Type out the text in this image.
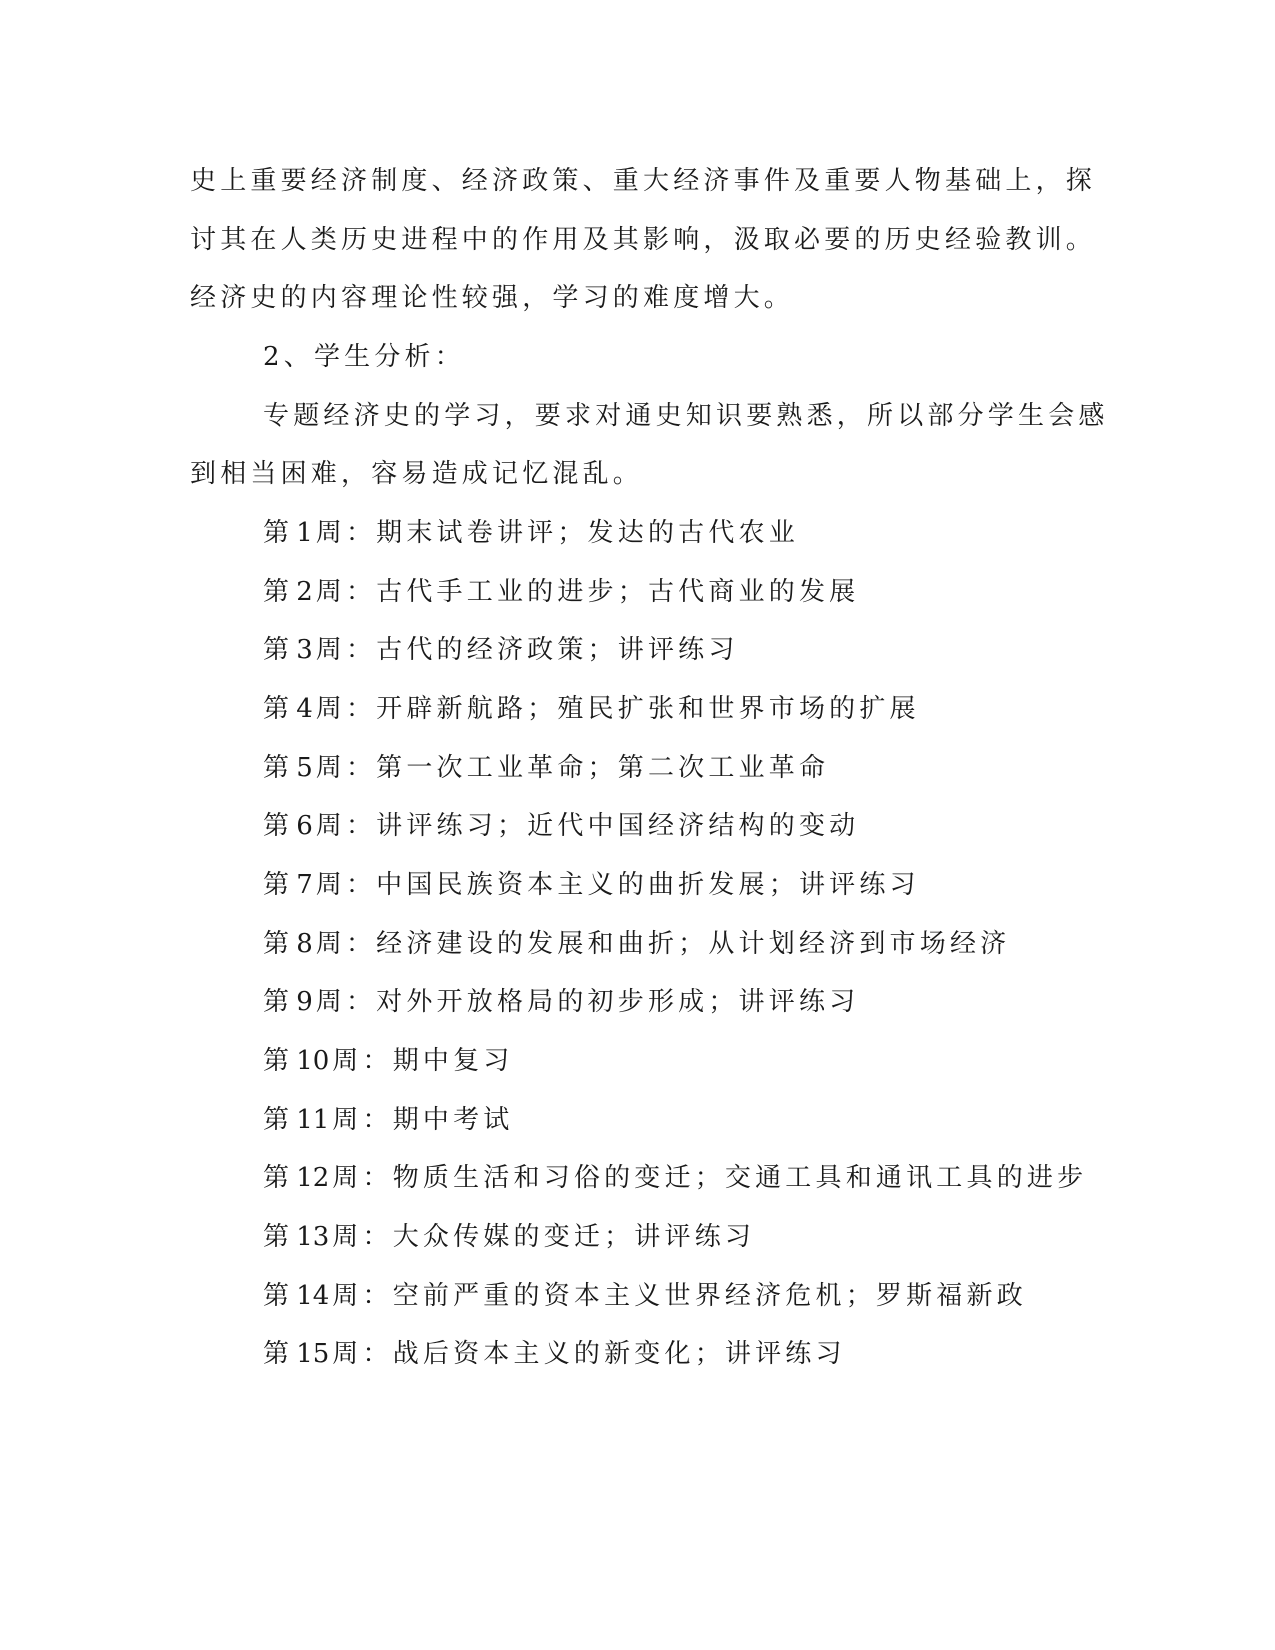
史上重要经济制度、经济政策、重大经济事件及重要人物基础上，探
讨其在人类历史进程中的作用及其影响，汲取必要的历史经验教训。
经济史的内容理论性较强，学习的难度增大。
2、学生分析：
专题经济史的学习，要求对通史知识要熟悉，所以部分学生会感
到相当困难，容易造成记忆混乱。
第 1 周：期末试卷讲评；发达的古代农业
第 2 周：古代手工业的进步；古代商业的发展
第 3 周：古代的经济政策；讲评练习
第 4 周：开辟新航路；殖民扩张和世界市场的扩展
第 5 周：第一次工业革命；第二次工业革命
第 6 周：讲评练习；近代中国经济结构的变动
第 7 周：中国民族资本主义的曲折发展；讲评练习
第 8 周：经济建设的发展和曲折；从计划经济到市场经济
第 9 周：对外开放格局的初步形成；讲评练习
第 10 周：期中复习
第 11 周：期中考试
第 12 周：物质生活和习俗的变迁；交通工具和通讯工具的进步
第 13 周：大众传媒的变迁；讲评练习
第 14 周：空前严重的资本主义世界经济危机；罗斯福新政
第 15 周：战后资本主义的新变化；讲评练习
